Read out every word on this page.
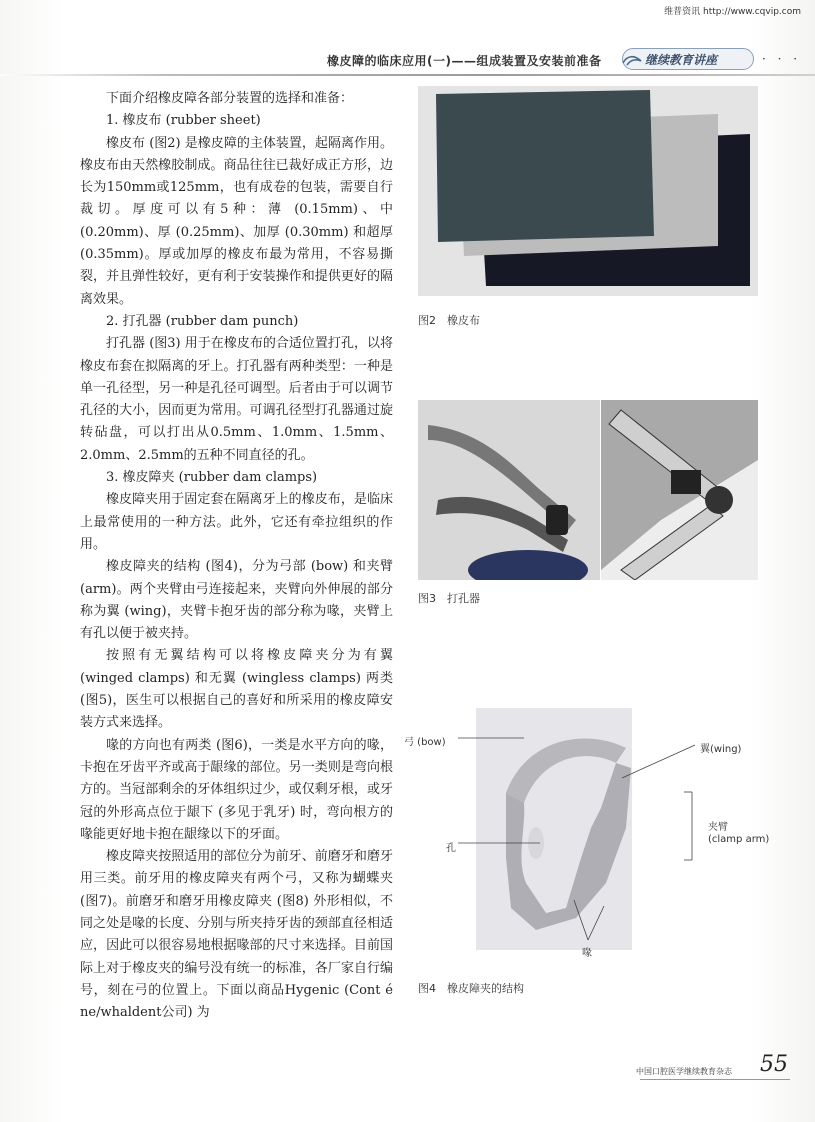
维普资讯 http://www.cqvip.com
橡皮障的临床应用(一)——组成装置及安装前准备	继续教育讲座	· · ·

下面介绍橡皮障各部分装置的选择和准备：

1. 橡皮布 (rubber sheet)

橡皮布 (图2) 是橡皮障的主体装置，起隔离作用。橡皮布由天然橡胶制成。商品往往已裁好成正方形，边长为150mm或125mm，也有成卷的包装，需要自行裁切。厚度可以有5种：薄 (0.15mm)、中 (0.20mm)、厚 (0.25mm)、加厚 (0.30mm) 和超厚 (0.35mm)。厚或加厚的橡皮布最为常用，不容易撕裂，并且弹性较好，更有利于安装操作和提供更好的隔离效果。

2. 打孔器 (rubber dam punch)

打孔器 (图3) 用于在橡皮布的合适位置打孔，以将橡皮布套在拟隔离的牙上。打孔器有两种类型：一种是单一孔径型，另一种是孔径可调型。后者由于可以调节孔径的大小，因而更为常用。可调孔径型打孔器通过旋转砧盘，可以打出从0.5mm、1.0mm、1.5mm、2.0mm、2.5mm的五种不同直径的孔。

3. 橡皮障夹 (rubber dam clamps)

橡皮障夹用于固定套在隔离牙上的橡皮布，是临床上最常使用的一种方法。此外，它还有牵拉组织的作用。

橡皮障夹的结构 (图4)，分为弓部 (bow) 和夹臂 (arm)。两个夹臂由弓连接起来，夹臂向外伸展的部分称为翼 (wing)，夹臂卡抱牙齿的部分称为喙，夹臂上有孔以便于被夹持。

按照有无翼结构可以将橡皮障夹分为有翼 (winged clamps) 和无翼 (wingless clamps) 两类 (图5)，医生可以根据自己的喜好和所采用的橡皮障安装方式来选择。

喙的方向也有两类 (图6)，一类是水平方向的喙，卡抱在牙齿平齐或高于龈缘的部位。另一类则是弯向根方的。当冠部剩余的牙体组织过少，或仅剩牙根，或牙冠的外形高点位于龈下 (多见于乳牙) 时，弯向根方的喙能更好地卡抱在龈缘以下的牙面。

橡皮障夹按照适用的部位分为前牙、前磨牙和磨牙用三类。前牙用的橡皮障夹有两个弓，又称为蝴蝶夹 (图7)。前磨牙和磨牙用橡皮障夹 (图8) 外形相似，不同之处是喙的长度、分别与所夹持牙齿的颈部直径相适应，因此可以很容易地根据喙部的尺寸来选择。目前国际上对于橡皮夹的编号没有统一的标准，各厂家自行编号，刻在弓的位置上。下面以商品Hygenic (Cont é ne/whaldent公司) 为

图2　橡皮布
图3　打孔器
弓 (bow)
翼(wing)
夹臂
(clamp arm)
孔
喙
图4　橡皮障夹的结构
中国口腔医学继续教育杂志 55
